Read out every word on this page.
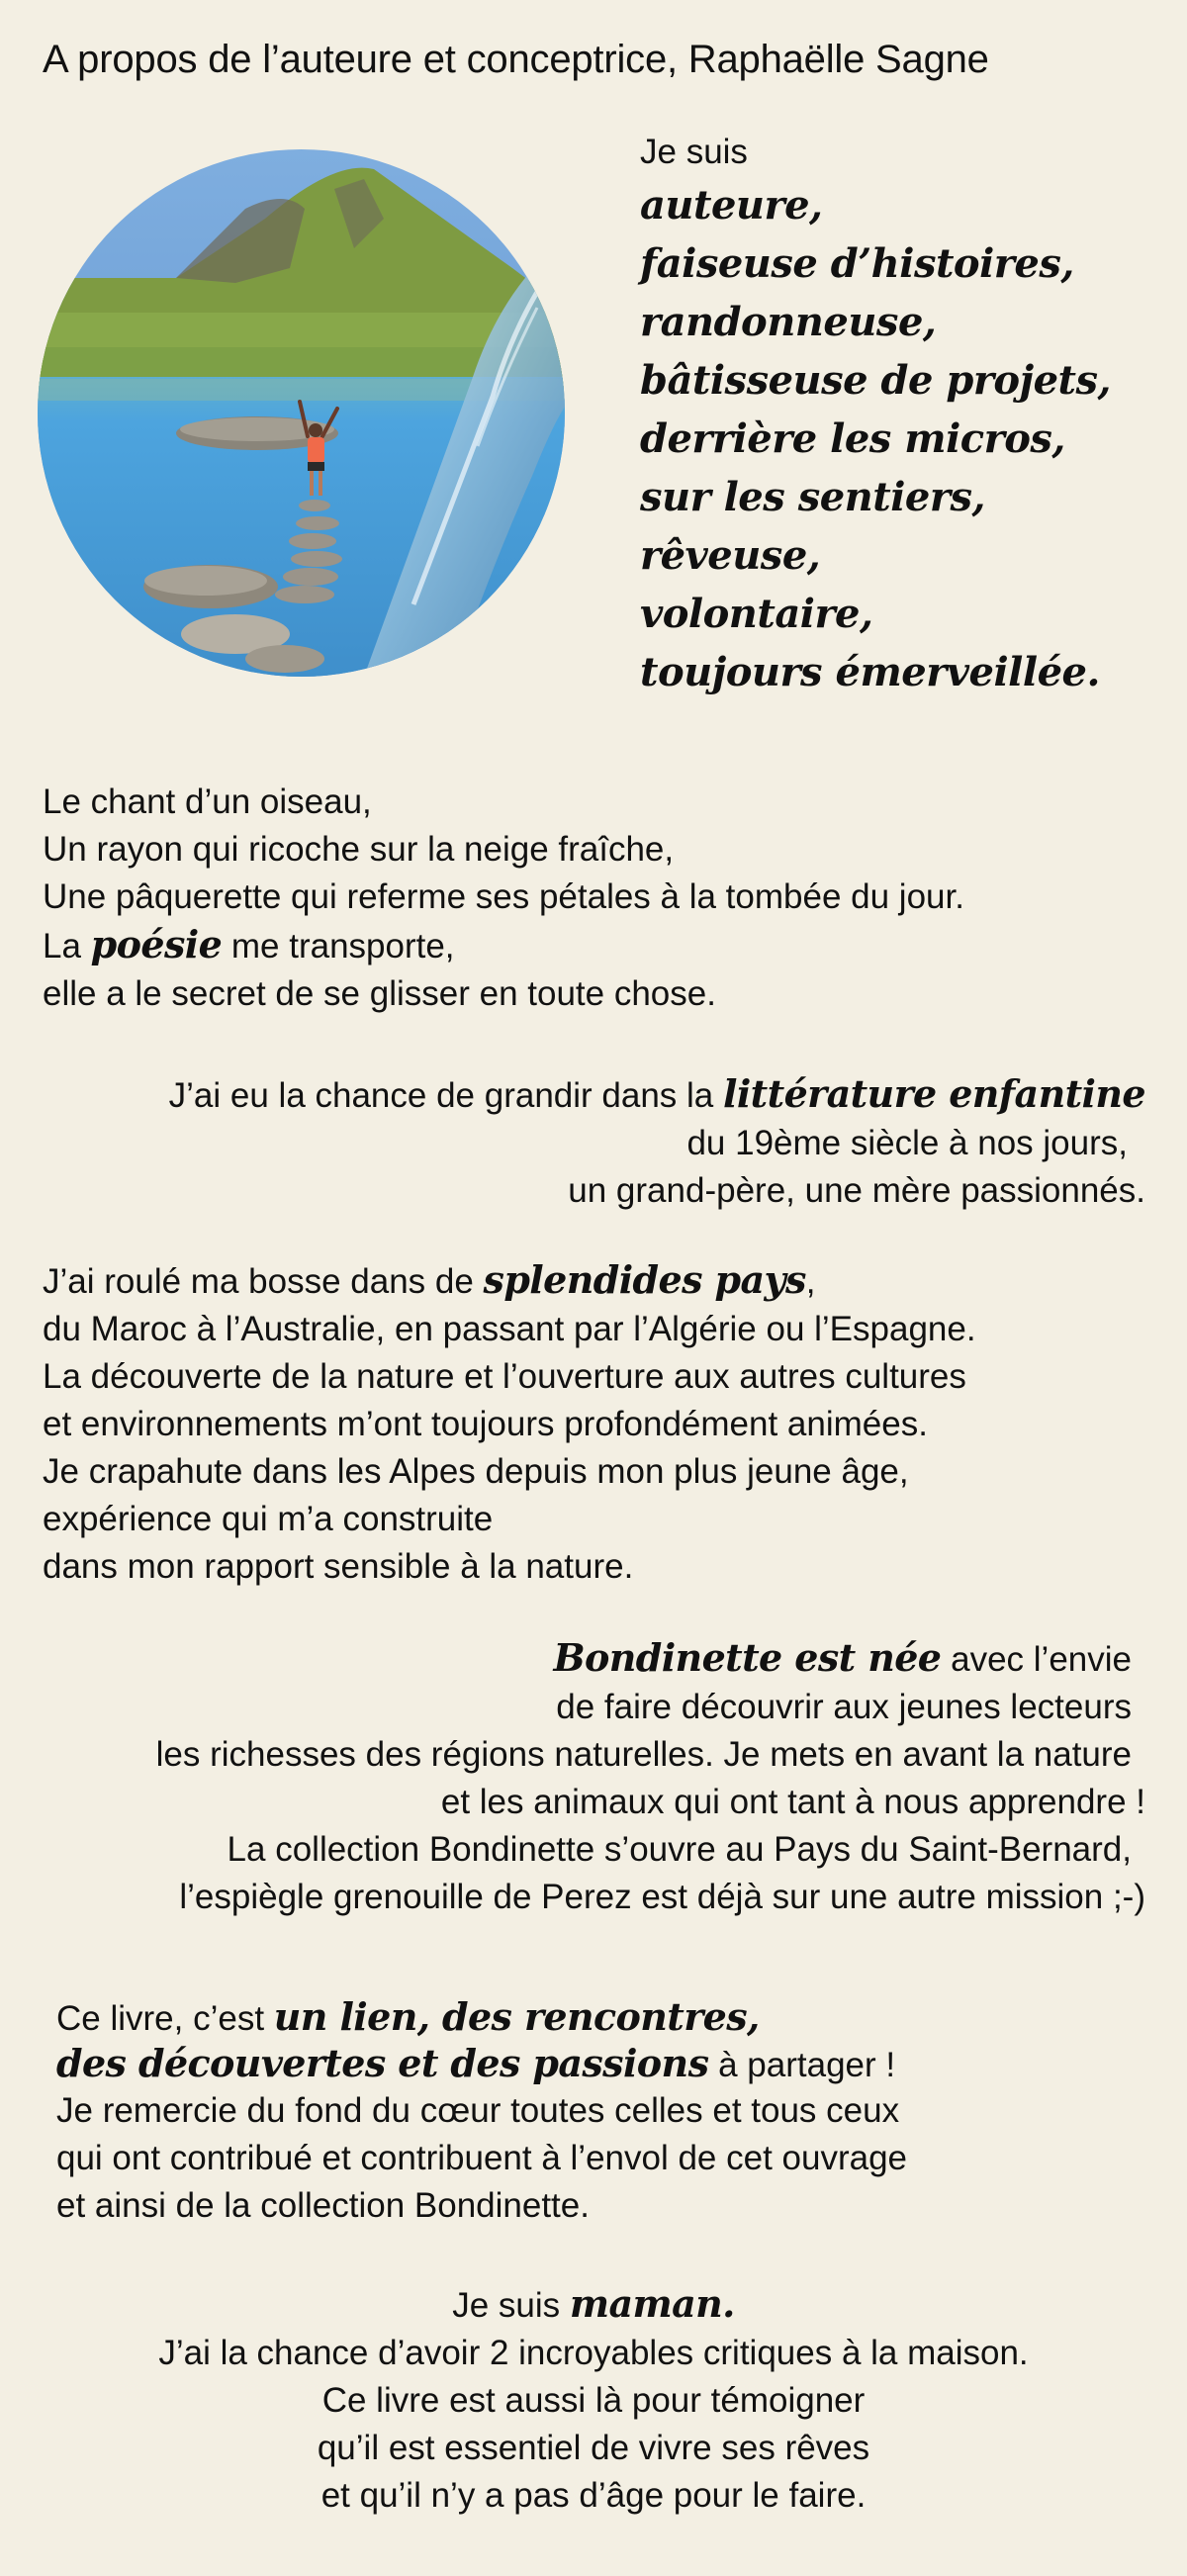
A propos de l’auteure et conceptrice, Raphaëlle Sagne
Je suis
auteure,
faiseuse d’histoires,
randonneuse,
bâtisseuse de projets,
derrière les micros,
sur les sentiers,
rêveuse,
volontaire,
toujours émerveillée.
Le chant d’un oiseau,
Un rayon qui ricoche sur la neige fraîche,
Une pâquerette qui referme ses pétales à la tombée du jour.
La poésie me transporte,
elle a le secret de se glisser en toute chose.
J’ai eu la chance de grandir dans la littérature enfantine
du 19ème siècle à nos jours,
un grand-père, une mère passionnés.
J’ai roulé ma bosse dans de splendides pays,
du Maroc à l’Australie, en passant par l’Algérie ou l’Espagne.
La découverte de la nature et l’ouverture aux autres cultures
et environnements m’ont toujours profondément animées.
Je crapahute dans les Alpes depuis mon plus jeune âge,
expérience qui m’a construite
dans mon rapport sensible à la nature.
Bondinette est née avec l’envie
de faire découvrir aux jeunes lecteurs
les richesses des régions naturelles. Je mets en avant la nature
et les animaux qui ont tant à nous apprendre !
La collection Bondinette s’ouvre au Pays du Saint-Bernard,
l’espiègle grenouille de Perez est déjà sur une autre mission ;-)
Ce livre, c’est un lien, des rencontres,
des découvertes et des passions à partager !
Je remercie du fond du cœur toutes celles et tous ceux
qui ont contribué et contribuent à l’envol de cet ouvrage
et ainsi de la collection Bondinette.
Je suis maman.
J’ai la chance d’avoir 2 incroyables critiques à la maison.
Ce livre est aussi là pour témoigner
qu’il est essentiel de vivre ses rêves
et qu’il n’y a pas d’âge pour le faire.
